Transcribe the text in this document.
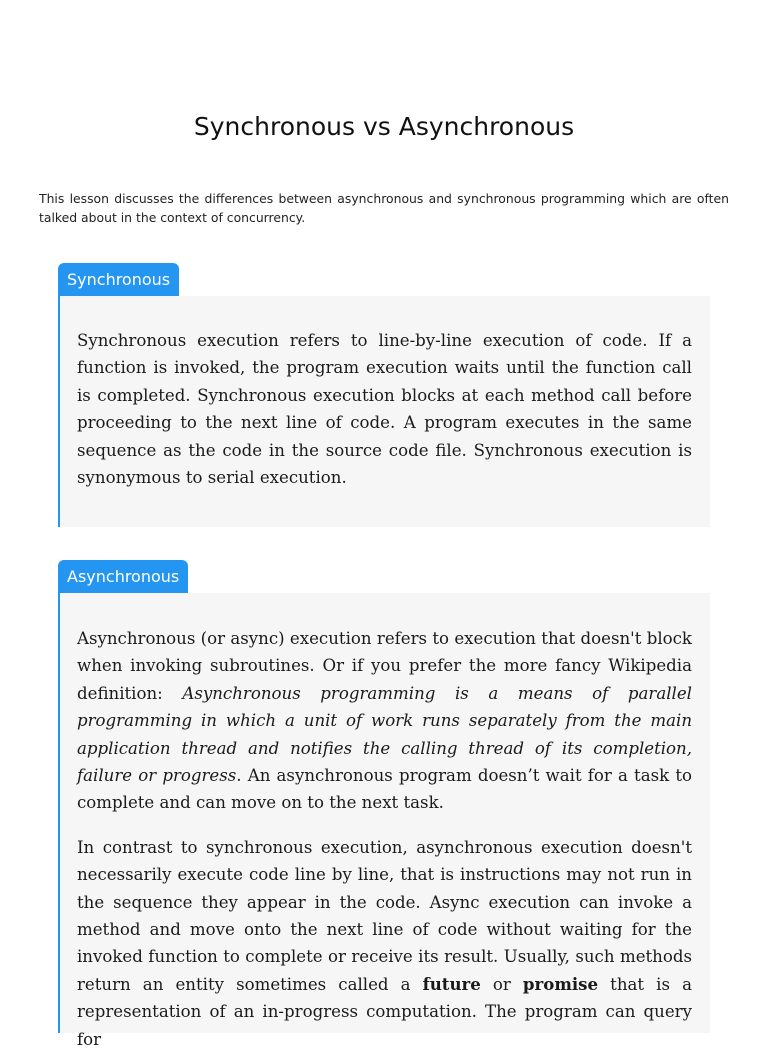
Synchronous vs Asynchronous

This lesson discusses the differences between asynchronous and synchronous programming which are often talked about in the context of concurrency.

Synchronous

Synchronous execution refers to line-by-line execution of code. If a function is invoked, the program execution waits until the function call is completed. Synchronous execution blocks at each method call before proceeding to the next line of code. A program executes in the same sequence as the code in the source code file. Synchronous execution is synonymous to serial execution.

Asynchronous

Asynchronous (or async) execution refers to execution that doesn't block when invoking subroutines. Or if you prefer the more fancy Wikipedia definition: Asynchronous programming is a means of parallel programming in which a unit of work runs separately from the main application thread and notifies the calling thread of its completion, failure or progress. An asynchronous program doesn’t wait for a task to complete and can move on to the next task.

In contrast to synchronous execution, asynchronous execution doesn't necessarily execute code line by line, that is instructions may not run in the sequence they appear in the code. Async execution can invoke a method and move onto the next line of code without waiting for the invoked function to complete or receive its result. Usually, such methods return an entity sometimes called a future or promise that is a representation of an in-progress computation. The program can query for
